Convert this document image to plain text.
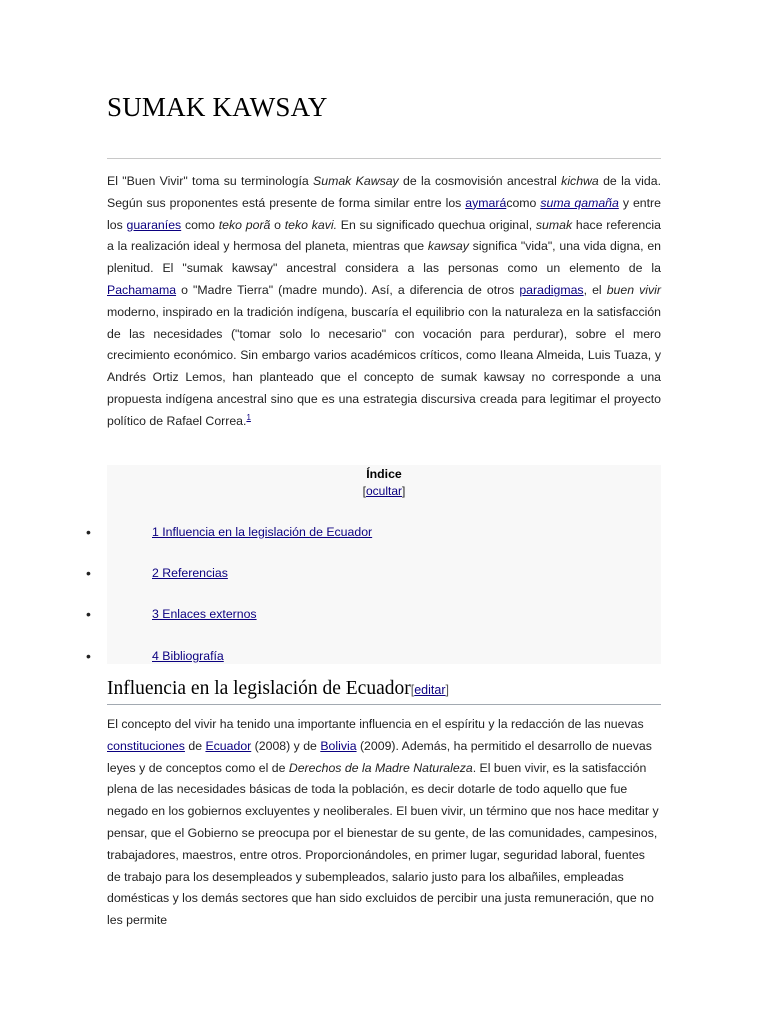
SUMAK KAWSAY

El "Buen Vivir" toma su terminología Sumak Kawsay de la cosmovisión ancestral kichwa de la vida. Según sus proponentes está presente de forma similar entre los aymarácomo suma qamaña y entre los guaraníes como teko porã o teko kavi. En su significado quechua original, sumak hace referencia a la realización ideal y hermosa del planeta, mientras que kawsay significa "vida", una vida digna, en plenitud. El "sumak kawsay" ancestral considera a las personas como un elemento de la Pachamama o "Madre Tierra" (madre mundo). Así, a diferencia de otros paradigmas, el buen vivir moderno, inspirado en la tradición indígena, buscaría el equilibrio con la naturaleza en la satisfacción de las necesidades ("tomar solo lo necesario" con vocación para perdurar), sobre el mero crecimiento económico. Sin embargo varios académicos críticos, como Ileana Almeida, Luis Tuaza, y Andrés Ortiz Lemos, han planteado que el concepto de sumak kawsay no corresponde a una propuesta indígena ancestral sino que es una estrategia discursiva creada para legitimar el proyecto político de Rafael Correa.$^1$

Índice
[ocultar]
•	1 Influencia en la legislación de Ecuador
•	2 Referencias
•	3 Enlaces externos
•	4 Bibliografía
Influencia en la legislación de Ecuador[editar]

El concepto del vivir ha tenido una importante influencia en el espíritu y la redacción de las nuevas constituciones de Ecuador (2008) y de Bolivia (2009). Además, ha permitido el desarrollo de nuevas leyes y de conceptos como el de Derechos de la Madre Naturaleza. El buen vivir, es la satisfacción plena de las necesidades básicas de toda la población, es decir dotarle de todo aquello que fue negado en los gobiernos excluyentes y neoliberales. El buen vivir, un término que nos hace meditar y pensar, que el Gobierno se preocupa por el bienestar de su gente, de las comunidades, campesinos, trabajadores, maestros, entre otros. Proporcionándoles, en primer lugar, seguridad laboral, fuentes de trabajo para los desempleados y subempleados, salario justo para los albañiles, empleadas domésticas y los demás sectores que han sido excluidos de percibir una justa remuneración, que no les permite
